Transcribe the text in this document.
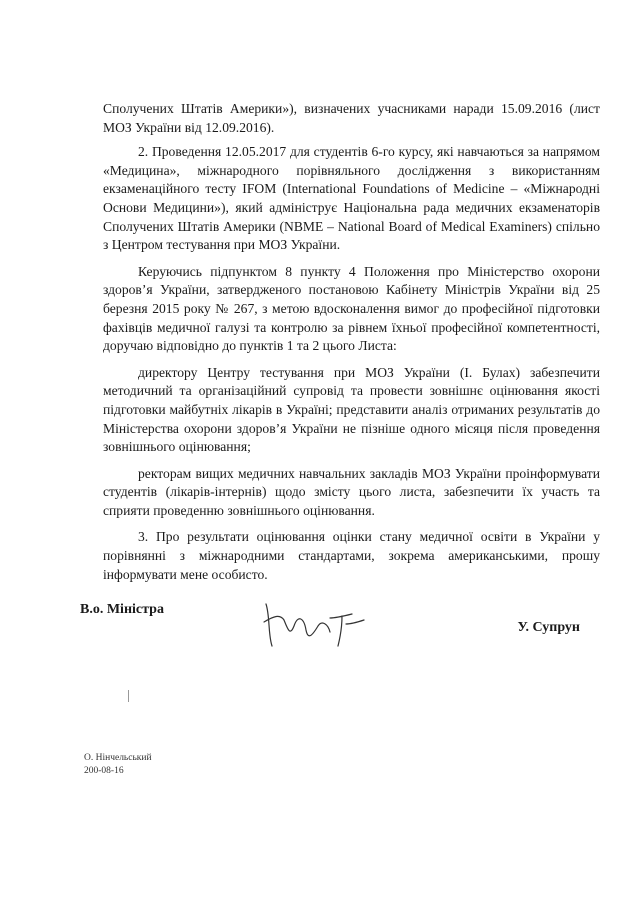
Сполучених Штатів Америки»), визначених учасниками наради 15.09.2016 (лист МОЗ України від 12.09.2016).

2. Проведення 12.05.2017 для студентів 6-го курсу, які навчаються за напрямом «Медицина», міжнародного порівняльного дослідження з використанням екзаменаційного тесту IFOM (International Foundations of Medicine – «Міжнародні Основи Медицини»), який адмініструє Національна рада медичних екзаменаторів Сполучених Штатів Америки (NBME – National Board of Medical Examiners) спільно з Центром тестування при МОЗ України.

Керуючись підпунктом 8 пункту 4 Положення про Міністерство охорони здоров’я України, затвердженого постановою Кабінету Міністрів України від 25 березня 2015 року № 267, з метою вдосконалення вимог до професійної підготовки фахівців медичної галузі та контролю за рівнем їхньої професійної компетентності, доручаю відповідно до пунктів 1 та 2 цього Листа:

директору Центру тестування при МОЗ України (І. Булах) забезпечити методичний та організаційний супровід та провести зовнішнє оцінювання якості підготовки майбутніх лікарів в Україні; представити аналіз отриманих результатів до Міністерства охорони здоров’я України не пізніше одного місяця після проведення зовнішнього оцінювання;

ректорам вищих медичних навчальних закладів МОЗ України проінформувати студентів (лікарів-інтернів) щодо змісту цього листа, забезпечити їх участь та сприяти проведенню зовнішнього оцінювання.

3. Про результати оцінювання оцінки стану медичної освіти в України у порівнянні з міжнародними стандартами, зокрема американськими, прошу інформувати мене особисто.

В.о. Міністра
У. Супрун
О. Нінчельський
200-08-16
